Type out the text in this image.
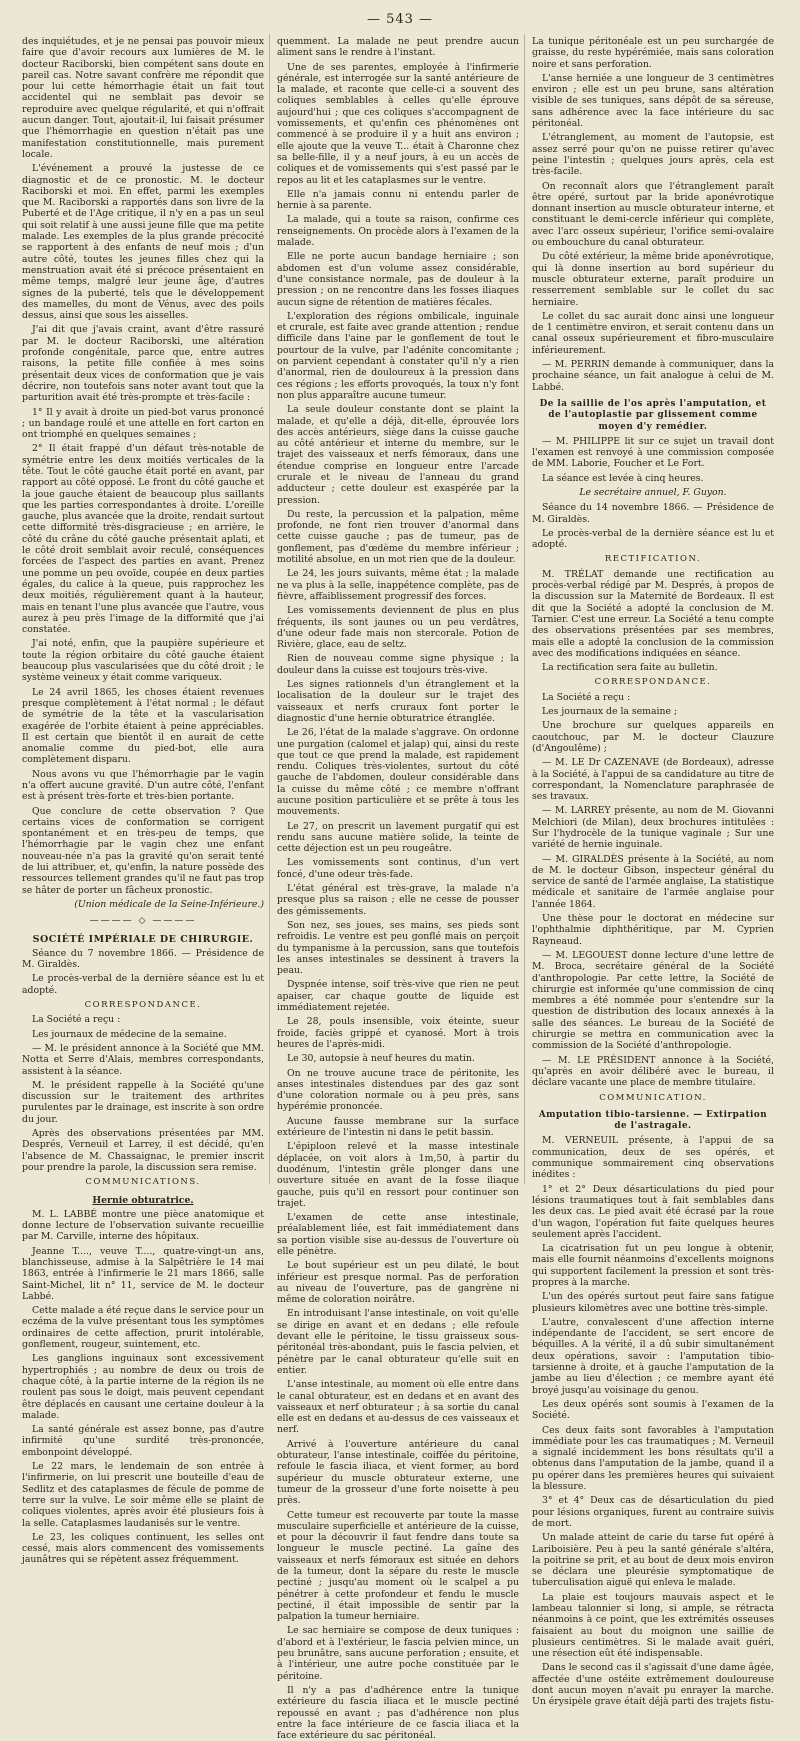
— 543 —

des inquiétudes, et je ne pensai pas pouvoir mieux faire que d'avoir recours aux lumières de M. le docteur Raciborski, bien compétent sans doute en pareil cas. Notre savant confrère me répondit que pour lui cette hémorrhagie était un fait tout accidentel qui ne semblait pas devoir se reproduire avec quelque régularité, et qui n'offrait aucun danger. Tout, ajoutait-il, lui faisait présumer que l'hémorrhagie en question n'était pas une manifestation constitutionnelle, mais purement locale.

L'événement a prouvé la justesse de ce diagnostic et de ce pronostic. M. le docteur Raciborski et moi. En effet, parmi les exemples que M. Raciborski a rapportés dans son livre de la Puberté et de l'Age critique, il n'y en a pas un seul qui soit relatif à une aussi jeune fille que ma petite malade. Les exemples de la plus grande précocité se rapportent à des enfants de neuf mois ; d'un autre côté, toutes les jeunes filles chez qui la menstruation avait été si précoce présentaient en même temps, malgré leur jeune âge, d'autres signes de la puberté, tels que le développement des mamelles, du mont de Vénus, avec des poils dessus, ainsi que sous les aisselles.

J'ai dit que j'avais craint, avant d'être rassuré par M. le docteur Raciborski, une altération profonde congénitale, parce que, entre autres raisons, la petite fille confiée à mes soins présentait deux vices de conformation que je vais décrire, non toutefois sans noter avant tout que la parturition avait été très-prompte et très-facile :

1° Il y avait à droite un pied-bot varus prononcé ; un bandage roulé et une attelle en fort carton en ont triomphé en quelques semaines ;

2° Il était frappé d'un défaut très-notable de symétrie entre les deux moitiés verticales de la tête. Tout le côté gauche était porté en avant, par rapport au côté opposé. Le front du côté gauche et la joue gauche étaient de beaucoup plus saillants que les parties correspondantes à droite. L'oreille gauche, plus avancée que la droite, rendait surtout cette difformité très-disgracieuse ; en arrière, le côté du crâne du côté gauche présentait aplati, et le côté droit semblait avoir reculé, conséquences forcées de l'aspect des parties en avant. Prenez une pomme un peu ovoïde, coupée en deux parties égales, du calice à la queue, puis rapprochez les deux moitiés, régulièrement quant à la hauteur, mais en tenant l'une plus avancée que l'autre, vous aurez à peu près l'image de la difformité que j'ai constatée.

J'ai noté, enfin, que la paupière supérieure et toute la région orbitaire du côté gauche étaient beaucoup plus vascularisées que du côté droit ; le système veineux y était comme variqueux.

Le 24 avril 1865, les choses étaient revenues presque complètement à l'état normal ; le défaut de symétrie de la tête et la vascularisation exagérée de l'orbite étaient à peine appréciables. Il est certain que bientôt il en aurait de cette anomalie comme du pied-bot, elle aura complètement disparu.

Nous avons vu que l'hémorrhagie par le vagin n'a offert aucune gravité. D'un autre côté, l'enfant est à présent très-forte et très-bien portante.

Que conclure de cette observation ? Que certains vices de conformation se corrigent spontanément et en très-peu de temps, que l'hémorrhagie par le vagin chez une enfant nouveau-née n'a pas la gravité qu'on serait tenté de lui attribuer, et, qu'enfin, la nature possède des ressources tellement grandes qu'il ne faut pas trop se hâter de porter un fâcheux pronostic.

(Union médicale de la Seine-Inférieure.)
———— ◇ ————
SOCIÉTÉ IMPÉRIALE DE CHIRURGIE.

Séance du 7 novembre 1866. — Présidence de M. Giraldès.

Le procès-verbal de la dernière séance est lu et adopté.

CORRESPONDANCE.

La Société a reçu :

Les journaux de médecine de la semaine.

— M. le président annonce à la Société que MM. Notta et Serre d'Alais, membres correspondants, assistent à la séance.

M. le président rappelle à la Société qu'une discussion sur le traitement des arthrites purulentes par le drainage, est inscrite à son ordre du jour.

Après des observations présentées par MM. Després, Verneuil et Larrey, il est décidé, qu'en l'absence de M. Chassaignac, le premier inscrit pour prendre la parole, la discussion sera remise.

COMMUNICATIONS.
Hernie obturatrice.

M. L. LABBÉ montre une pièce anatomique et donne lecture de l'observation suivante recueillie par M. Carville, interne des hôpitaux.

Jeanne T...., veuve T...., quatre-vingt-un ans, blanchisseuse, admise à la Salpêtrière le 14 mai 1863, entrée à l'infirmerie le 21 mars 1866, salle Saint-Michel, lit n° 11, service de M. le docteur Labbé.

Cette malade a été reçue dans le service pour un eczéma de la vulve présentant tous les symptômes ordinaires de cette affection, prurit intolérable, gonflement, rougeur, suintement, etc.

Les ganglions inguinaux sont excessivement hypertrophiés ; au nombre de deux ou trois de chaque côté, à la partie interne de la région ils ne roulent pas sous le doigt, mais peuvent cependant être déplacés en causant une certaine douleur à la malade.

La santé générale est assez bonne, pas d'autre infirmité qu'une surdité très-prononcée, embonpoint développé.

Le 22 mars, le lendemain de son entrée à l'infirmerie, on lui prescrit une bouteille d'eau de Sedlitz et des cataplasmes de fécule de pomme de terre sur la vulve. Le soir même elle se plaint de coliques violentes, après avoir été plusieurs fois à la selle. Cataplasmes laudanisés sur le ventre.

Le 23, les coliques continuent, les selles ont cessé, mais alors commencent des vomissements jaunâtres qui se répètent assez fréquemment.

quemment. La malade ne peut prendre aucun aliment sans le rendre à l'instant.

Une de ses parentes, employée à l'infirmerie générale, est interrogée sur la santé antérieure de la malade, et raconte que celle-ci a souvent des coliques semblables à celles qu'elle éprouve aujourd'hui ; que ces coliques s'accompagnent de vomissements, et qu'enfin ces phénomènes ont commencé à se produire il y a huit ans environ ; elle ajoute que la veuve T... était à Charonne chez sa belle-fille, il y a neuf jours, à eu un accès de coliques et de vomissements qui s'est passé par le repos au lit et les cataplasmes sur le ventre.

Elle n'a jamais connu ni entendu parler de hernie à sa parente.

La malade, qui a toute sa raison, confirme ces renseignements. On procède alors à l'examen de la malade.

Elle ne porte aucun bandage herniaire ; son abdomen est d'un volume assez considérable, d'une consistance normale, pas de douleur à la pression ; on ne rencontre dans les fosses iliaques aucun signe de rétention de matières fécales.

L'exploration des régions ombilicale, inguinale et crurale, est faite avec grande attention ; rendue difficile dans l'aine par le gonflement de tout le pourtour de la vulve, par l'adénite concomitante ; on parvient cependant à constater qu'il n'y a rien d'anormal, rien de douloureux à la pression dans ces régions ; les efforts provoqués, la toux n'y font non plus apparaître aucune tumeur.

La seule douleur constante dont se plaint la malade, et qu'elle a déjà, dit-elle, éprouvée lors des accès antérieurs, siège dans la cuisse gauche au côté antérieur et interne du membre, sur le trajet des vaisseaux et nerfs fémoraux, dans une étendue comprise en longueur entre l'arcade crurale et le niveau de l'anneau du grand adducteur ; cette douleur est exaspérée par la pression.

Du reste, la percussion et la palpation, même profonde, ne font rien trouver d'anormal dans cette cuisse gauche ; pas de tumeur, pas de gonflement, pas d'œdème du membre inférieur ; motilité absolue, en un mot rien que de la douleur.

Le 24, les jours suivants, même état ; la malade ne va plus à la selle, inappétence complète, pas de fièvre, affaiblissement progressif des forces.

Les vomissements deviennent de plus en plus fréquents, ils sont jaunes ou un peu verdâtres, d'une odeur fade mais non stercorale. Potion de Rivière, glace, eau de seltz.

Rien de nouveau comme signe physique ; la douleur dans la cuisse est toujours très-vive.

Les signes rationnels d'un étranglement et la localisation de la douleur sur le trajet des vaisseaux et nerfs cruraux font porter le diagnostic d'une hernie obturatrice étranglée.

Le 26, l'état de la malade s'aggrave. On ordonne une purgation (calomel et jalap) qui, ainsi du reste que tout ce que prend la malade, est rapidement rendu. Coliques très-violentes, surtout du côté gauche de l'abdomen, douleur considérable dans la cuisse du même côté ; ce membre n'offrant aucune position particulière et se prête à tous les mouvements.

Le 27, on prescrit un lavement purgatif qui est rendu sans aucune matière solide, la teinte de cette déjection est un peu rougeâtre.

Les vomissements sont continus, d'un vert foncé, d'une odeur très-fade.

L'état général est très-grave, la malade n'a presque plus sa raison ; elle ne cesse de pousser des gémissements.

Son nez, ses joues, ses mains, ses pieds sont refroidis. Le ventre est peu gonflé mais on perçoit du tympanisme à la percussion, sans que toutefois les anses intestinales se dessinent à travers la peau.

Dyspnée intense, soif très-vive que rien ne peut apaiser, car chaque goutte de liquide est immédiatement rejetée.

Le 28, pouls insensible, voix éteinte, sueur froide, faciès grippé et cyanosé. Mort à trois heures de l'après-midi.

Le 30, autopsie à neuf heures du matin.

On ne trouve aucune trace de péritonite, les anses intestinales distendues par des gaz sont d'une coloration normale ou à peu près, sans hypérémie prononcée.

Aucune fausse membrane sur la surface extérieure de l'intestin ni dans le petit bassin.

L'épiploon relevé et la masse intestinale déplacée, on voit alors à 1m,50, à partir du duodénum, l'intestin grêle plonger dans une ouverture située en avant de la fosse iliaque gauche, puis qu'il en ressort pour continuer son trajet.

L'examen de cette anse intestinale, préalablement liée, est fait immédiatement dans sa portion visible sise au-dessus de l'ouverture où elle pénètre.

Le bout supérieur est un peu dilaté, le bout inférieur est presque normal. Pas de perforation au niveau de l'ouverture, pas de gangrène ni même de coloration noirâtre.

En introduisant l'anse intestinale, on voit qu'elle se dirige en avant et en dedans ; elle refoule devant elle le péritoine, le tissu graisseux sous-péritonéal très-abondant, puis le fascia pelvien, et pénètre par le canal obturateur qu'elle suit en entier.

L'anse intestinale, au moment où elle entre dans le canal obturateur, est en dedans et en avant des vaisseaux et nerf obturateur ; à sa sortie du canal elle est en dedans et au-dessus de ces vaisseaux et nerf.

Arrivé à l'ouverture antérieure du canal obturateur, l'anse intestinale, coiffée du péritoine, refoule le fascia iliaca, et vient former, au bord supérieur du muscle obturateur externe, une tumeur de la grosseur d'une forte noisette à peu près.

Cette tumeur est recouverte par toute la masse musculaire superficielle et antérieure de la cuisse, et pour la découvrir il faut fendre dans toute sa longueur le muscle pectiné. La gaîne des vaisseaux et nerfs fémoraux est située en dehors de la tumeur, dont la sépare du reste le muscle pectiné ; jusqu'au moment où le scalpel a pu pénétrer à cette profondeur et fendu le muscle pectiné, il était impossible de sentir par la palpation la tumeur herniaire.

Le sac herniaire se compose de deux tuniques : d'abord et à l'extérieur, le fascia pelvien mince, un peu brunâtre, sans aucune perforation ; ensuite, et à l'intérieur, une autre poche constituée par le péritoine.

Il n'y a pas d'adhérence entre la tunique extérieure du fascia iliaca et le muscle pectiné repoussé en avant ; pas d'adhérence non plus entre la face intérieure de ce fascia iliaca et la face extérieure du sac péritonéal.

La tunique péritonéale est un peu surchargée de graisse, du reste hypérémiée, mais sans coloration noire et sans perforation.

L'anse herniée a une longueur de 3 centimètres environ ; elle est un peu brune, sans altération visible de ses tuniques, sans dépôt de sa séreuse, sans adhérence avec la face intérieure du sac péritonéal.

L'étranglement, au moment de l'autopsie, est assez serré pour qu'on ne puisse retirer qu'avec peine l'intestin ; quelques jours après, cela est très-facile.

On reconnaît alors que l'étranglement paraît être opéré, surtout par la bride aponévrotique donnant insertion au muscle obturateur interne, et constituant le demi-cercle inférieur qui complète, avec l'arc osseux supérieur, l'orifice semi-ovalaire ou embouchure du canal obturateur.

Du côté extérieur, la même bride aponévrotique, qui là donne insertion au bord supérieur du muscle obturateur externe, paraît produire un resserrement semblable sur le collet du sac herniaire.

Le collet du sac aurait donc ainsi une longueur de 1 centimètre environ, et serait contenu dans un canal osseux supérieurement et fibro-musculaire inférieurement.

— M. PERRIN demande à communiquer, dans la prochaine séance, un fait analogue à celui de M. Labbé.

De la saillie de l'os après l'amputation, et de l'autoplastie par glissement comme moyen d'y remédier.

— M. PHILIPPE lit sur ce sujet un travail dont l'examen est renvoyé à une commission composée de MM. Laborie, Foucher et Le Fort.

La séance est levée à cinq heures.

Le secrétaire annuel, F. Guyon.

Séance du 14 novembre 1866. — Présidence de M. Giraldès.

Le procès-verbal de la dernière séance est lu et adopté.

RECTIFICATION.

M. TRÉLAT demande une rectification au procès-verbal rédigé par M. Després, à propos de la discussion sur la Maternité de Bordeaux. Il est dit que la Société a adopté la conclusion de M. Tarnier. C'est une erreur. La Société a tenu compte des observations présentées par ses membres, mais elle a adopté la conclusion de la commission avec des modifications indiquées en séance.

La rectification sera faite au bulletin.

CORRESPONDANCE.

La Société a reçu :

Les journaux de la semaine ;

Une brochure sur quelques appareils en caoutchouc, par M. le docteur Clauzure (d'Angoulême) ;

— M. LE Dr CAZENAVE (de Bordeaux), adresse à la Société, à l'appui de sa candidature au titre de correspondant, la Nomenclature paraphrasée de ses travaux.

— M. LARREY présente, au nom de M. Giovanni Melchiori (de Milan), deux brochures intitulées : Sur l'hydrocèle de la tunique vaginale ; Sur une variété de hernie inguinale.

— M. GIRALDÈS présente à la Société, au nom de M. le docteur Gibson, inspecteur général du service de santé de l'armée anglaise, La statistique médicale et sanitaire de l'armée anglaise pour l'année 1864.

Une thèse pour le doctorat en médecine sur l'ophthalmie diphthéritique, par M. Cyprien Rayneaud.

— M. LEGOUEST donne lecture d'une lettre de M. Broca, secrétaire général de la Société d'anthropologie. Par cette lettre, la Société de chirurgie est informée qu'une commission de cinq membres a été nommée pour s'entendre sur la question de distribution des locaux annexés à la salle des séances. Le bureau de la Société de chirurgie se mettra en communication avec la commission de la Société d'anthropologie.

— M. LE PRÉSIDENT annonce à la Société, qu'après en avoir délibéré avec le bureau, il déclare vacante une place de membre titulaire.

COMMUNICATION.
Amputation tibio-tarsienne. — Extirpation de l'astragale.

M. VERNEUIL présente, à l'appui de sa communication, deux de ses opérés, et communique sommairement cinq observations inédites :

1° et 2° Deux désarticulations du pied pour lésions traumatiques tout à fait semblables dans les deux cas. Le pied avait été écrasé par la roue d'un wagon, l'opération fut faite quelques heures seulement après l'accident.

La cicatrisation fut un peu longue à obtenir, mais elle fournit néanmoins d'excellents moignons qui supportent facilement la pression et sont très-propres à la marche.

L'un des opérés surtout peut faire sans fatigue plusieurs kilomètres avec une bottine très-simple.

L'autre, convalescent d'une affection interne indépendante de l'accident, se sert encore de béquilles. A la vérité, il a dû subir simultanément deux opérations, savoir : l'amputation tibio-tarsienne à droite, et à gauche l'amputation de la jambe au lieu d'élection ; ce membre ayant été broyé jusqu'au voisinage du genou.

Les deux opérés sont soumis à l'examen de la Société.

Ces deux faits sont favorables à l'amputation immédiate pour les cas traumatiques ; M. Verneuil a signalé incidemment les bons résultats qu'il a obtenus dans l'amputation de la jambe, quand il a pu opérer dans les premières heures qui suivaient la blessure.

3° et 4° Deux cas de désarticulation du pied pour lésions organiques, furent au contraire suivis de mort.

Un malade atteint de carie du tarse fut opéré à Lariboisière. Peu à peu la santé générale s'altéra, la poitrine se prit, et au bout de deux mois environ se déclara une pleurésie symptomatique de tuberculisation aiguë qui enleva le malade.

La plaie est toujours mauvais aspect et le lambeau talonnier si long, si ample, se rétracta néanmoins à ce point, que les extrémités osseuses faisaient au bout du moignon une saillie de plusieurs centimètres. Si le malade avait guéri, une résection eût été indispensable.

Dans le second cas il s'agissait d'une dame âgée, affectée d'une ostéite extrêmement douloureuse dont aucun moyen n'avait pu enrayer la marche. Un érysipèle grave était déjà parti des trajets fistu-
